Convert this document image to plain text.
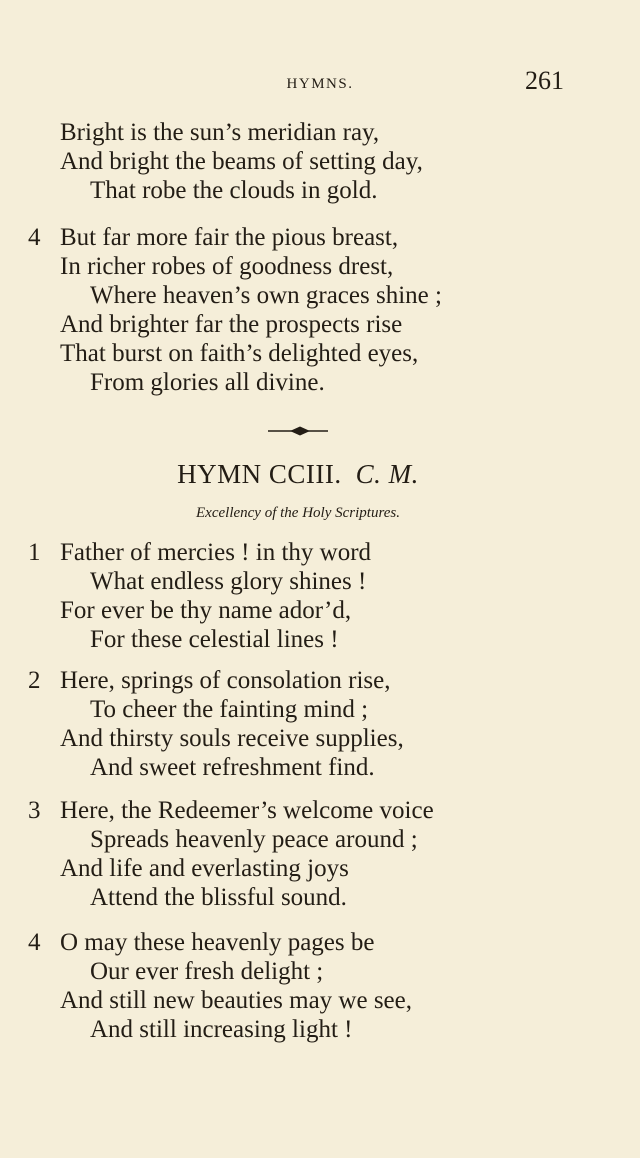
HYMNS.	261
Bright is the sun’s meridian ray,
And bright the beams of setting day,
That robe the clouds in gold.
4 But far more fair the pious breast,
In richer robes of goodness drest,
Where heaven’s own graces shine ;
And brighter far the prospects rise
That burst on faith’s delighted eyes,
From glories all divine.
HYMN CCIII. C. M.
Excellency of the Holy Scriptures.
1 Father of mercies ! in thy word
What endless glory shines !
For ever be thy name ador’d,
For these celestial lines !
2 Here, springs of consolation rise,
To cheer the fainting mind ;
And thirsty souls receive supplies,
And sweet refreshment find.
3 Here, the Redeemer’s welcome voice
Spreads heavenly peace around ;
And life and everlasting joys
Attend the blissful sound.
4 O may these heavenly pages be
Our ever fresh delight ;
And still new beauties may we see,
And still increasing light !
